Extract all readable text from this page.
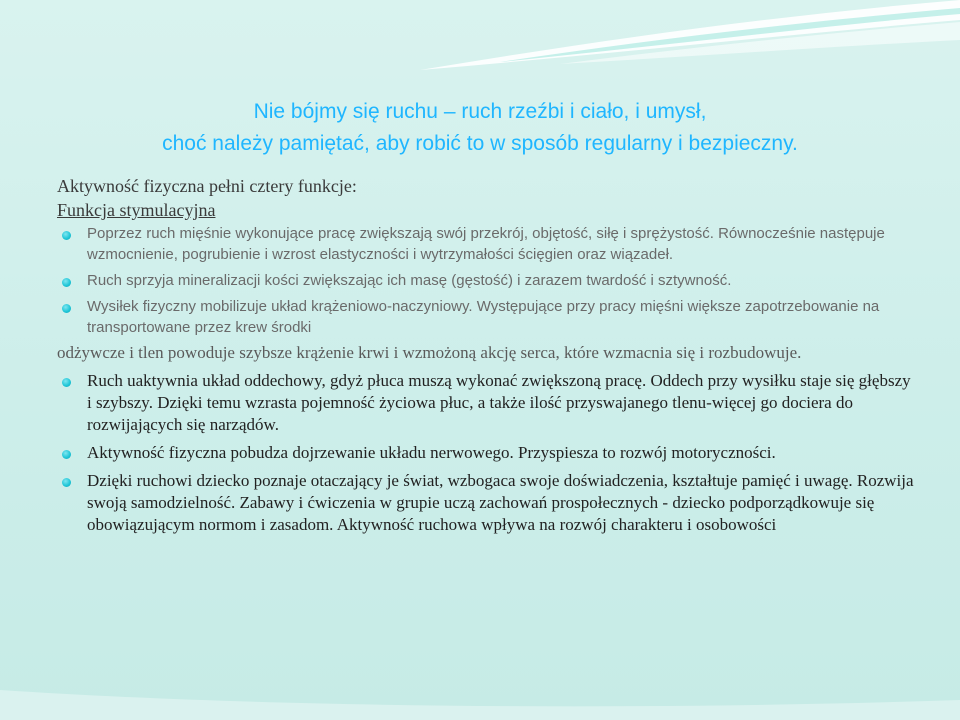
Nie bójmy się ruchu – ruch rzeźbi i ciało, i umysł,
choć należy pamiętać, aby robić to w sposób regularny i bezpieczny.
Aktywność fizyczna pełni cztery funkcje:
Funkcja stymulacyjna
Poprzez ruch mięśnie wykonujące pracę zwiększają swój przekrój, objętość, siłę i sprężystość. Równocześnie następuje wzmocnienie, pogrubienie i wzrost elastyczności i wytrzymałości ścięgien oraz wiązadeł.
Ruch sprzyja mineralizacji kości zwiększając ich masę (gęstość) i zarazem twardość i sztywność.
Wysiłek fizyczny mobilizuje układ krążeniowo-naczyniowy. Występujące przy pracy mięśni większe zapotrzebowanie na transportowane przez krew środki
odżywcze i tlen powoduje szybsze krążenie krwi i wzmożoną akcję serca, które wzmacnia się i rozbudowuje.
Ruch uaktywnia układ oddechowy, gdyż płuca muszą wykonać zwiększoną pracę. Oddech przy wysiłku staje się głębszy i szybszy. Dzięki temu wzrasta pojemność życiowa płuc, a także ilość przyswajanego tlenu-więcej go dociera do rozwijających się narządów.
Aktywność fizyczna pobudza dojrzewanie układu nerwowego. Przyspiesza to rozwój motoryczności.
Dzięki ruchowi dziecko poznaje otaczający je świat, wzbogaca swoje doświadczenia, kształtuje pamięć i uwagę. Rozwija swoją samodzielność. Zabawy i ćwiczenia w grupie uczą zachowań prospołecznych - dziecko podporządkowuje się obowiązującym normom i zasadom. Aktywność ruchowa wpływa na rozwój charakteru i osobowości
